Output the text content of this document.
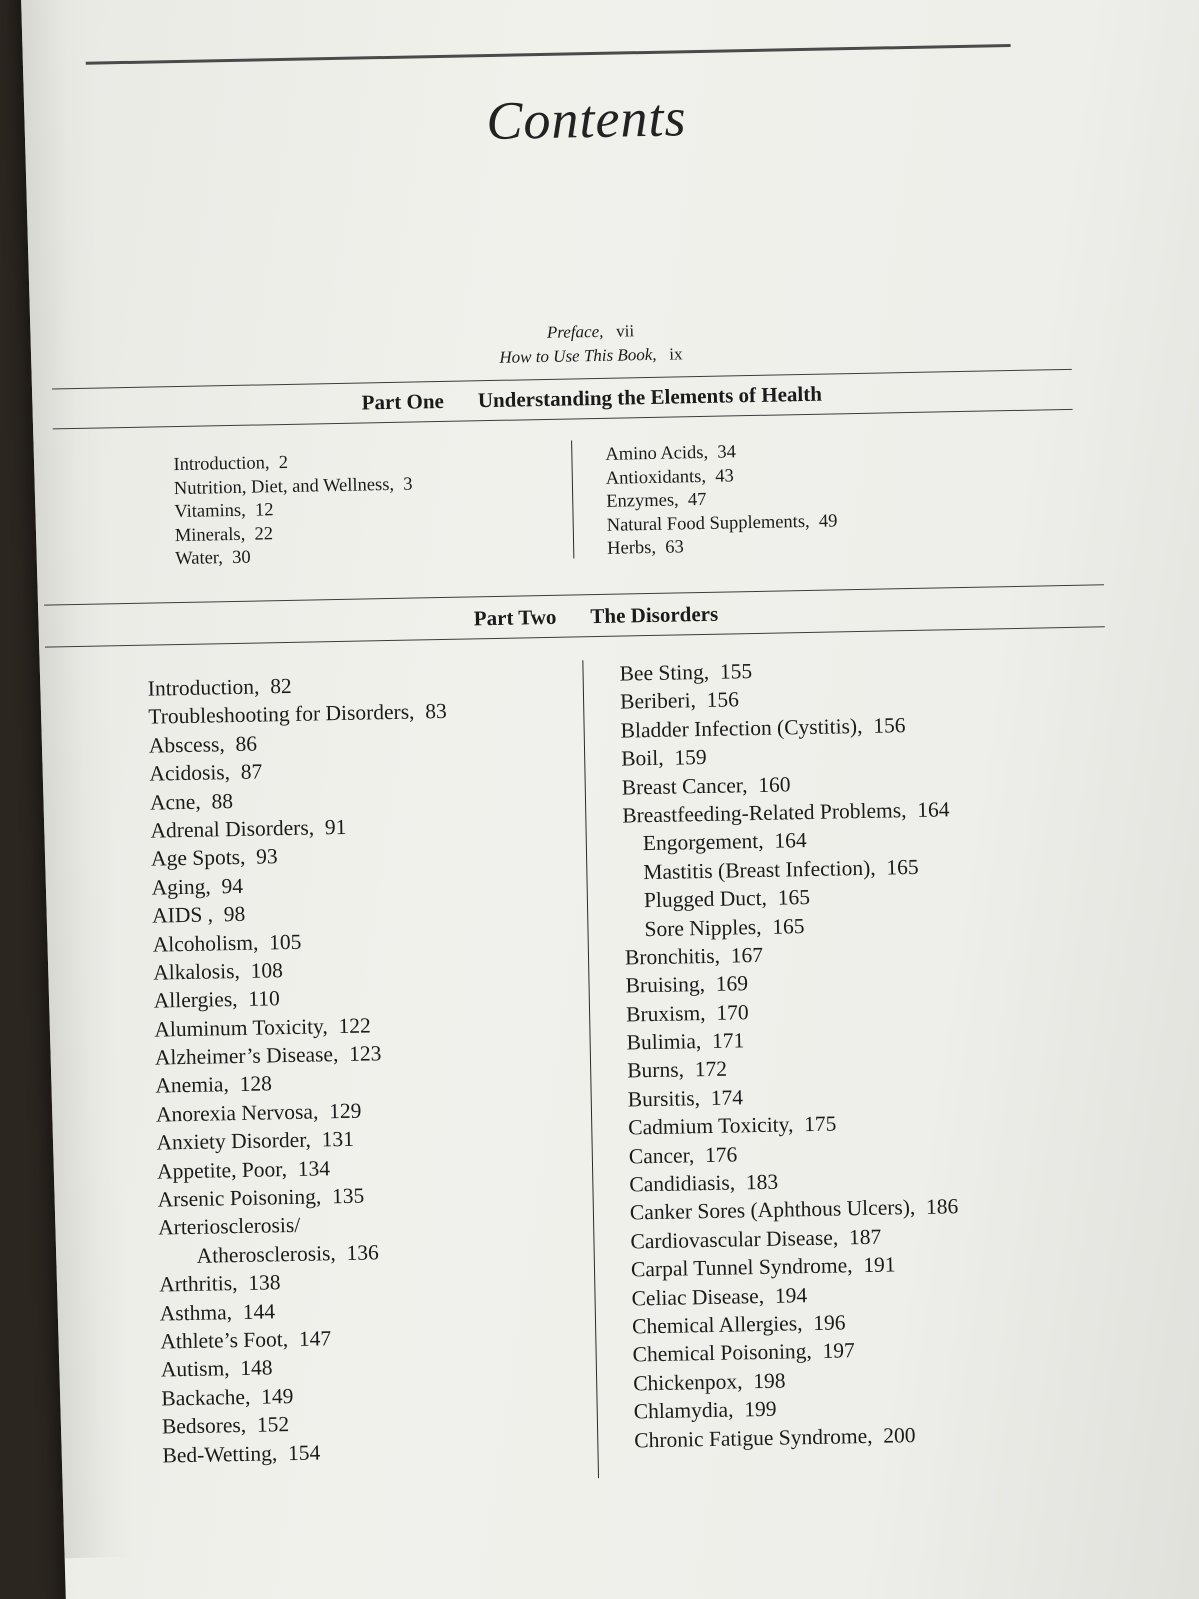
Contents
Preface, vii
How to Use This Book, ix
Part One Understanding the Elements of Health
Introduction, 2
Nutrition, Diet, and Wellness, 3
Vitamins, 12
Minerals, 22
Water, 30
Amino Acids, 34
Antioxidants, 43
Enzymes, 47
Natural Food Supplements, 49
Herbs, 63
Part Two The Disorders
Introduction, 82
Troubleshooting for Disorders, 83
Abscess, 86
Acidosis, 87
Acne, 88
Adrenal Disorders, 91
Age Spots, 93
Aging, 94
AIDS , 98
Alcoholism, 105
Alkalosis, 108
Allergies, 110
Aluminum Toxicity, 122
Alzheimer’s Disease, 123
Anemia, 128
Anorexia Nervosa, 129
Anxiety Disorder, 131
Appetite, Poor, 134
Arsenic Poisoning, 135
Arteriosclerosis/
Atherosclerosis, 136
Arthritis, 138
Asthma, 144
Athlete’s Foot, 147
Autism, 148
Backache, 149
Bedsores, 152
Bed-Wetting, 154
Bee Sting, 155
Beriberi, 156
Bladder Infection (Cystitis), 156
Boil, 159
Breast Cancer, 160
Breastfeeding-Related Problems, 164
Engorgement, 164
Mastitis (Breast Infection), 165
Plugged Duct, 165
Sore Nipples, 165
Bronchitis, 167
Bruising, 169
Bruxism, 170
Bulimia, 171
Burns, 172
Bursitis, 174
Cadmium Toxicity, 175
Cancer, 176
Candidiasis, 183
Canker Sores (Aphthous Ulcers), 186
Cardiovascular Disease, 187
Carpal Tunnel Syndrome, 191
Celiac Disease, 194
Chemical Allergies, 196
Chemical Poisoning, 197
Chickenpox, 198
Chlamydia, 199
Chronic Fatigue Syndrome, 200
